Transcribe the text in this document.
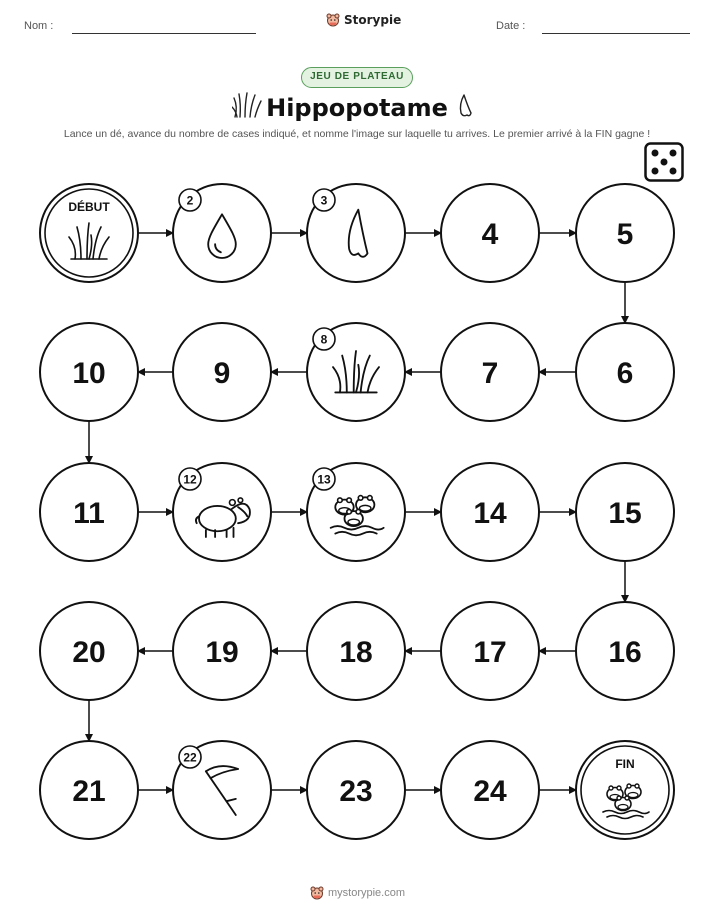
Nom :	Storypie	Date :
JEU DE PLATEAU
Hippopotame
Lance un dé, avance du nombre de cases indiqué, et nomme l'image sur laquelle tu arrives. Le premier arrivé à la FIN gagne !
DÉBUT	2	3
4	5
6
7
8
9
10
11
12	13
14	15
16
17
18
19
20
21
22
23	24
FIN
mystorypie.com
